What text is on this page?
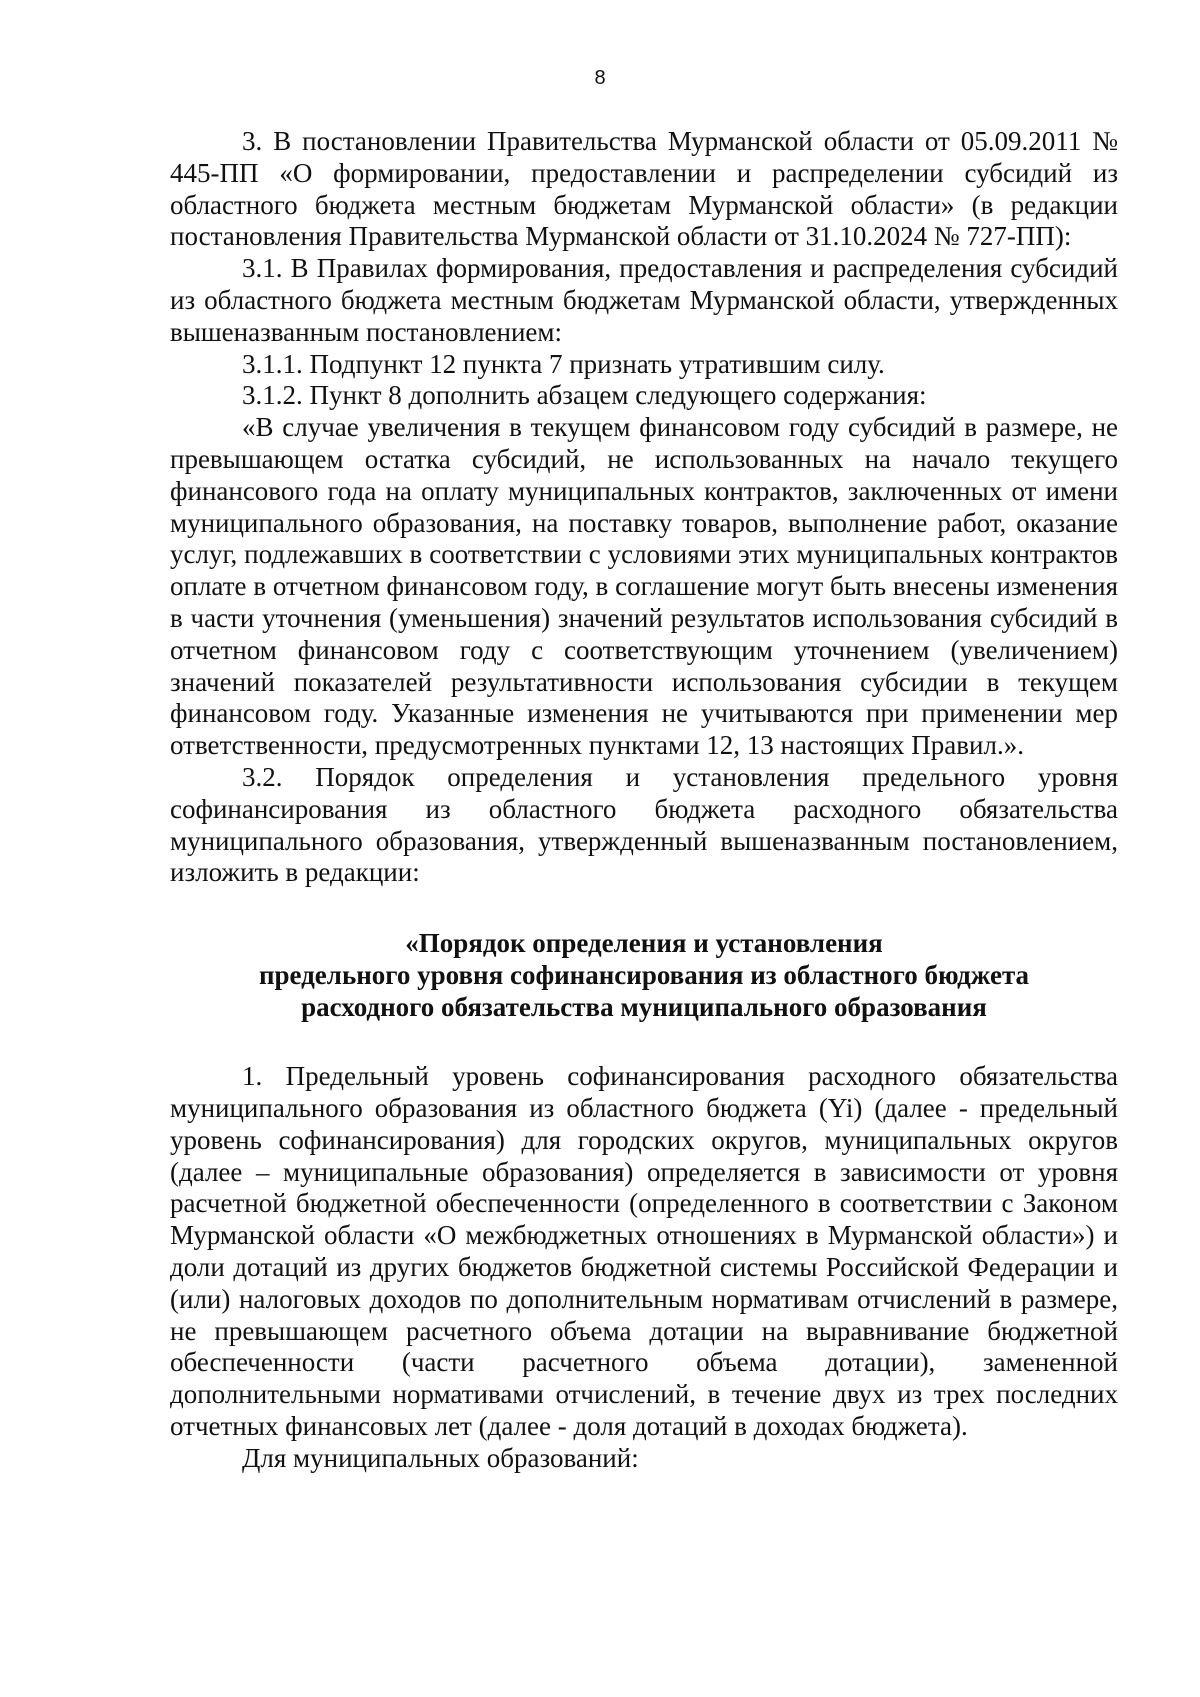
8

3. В постановлении Правительства Мурманской области от 05.09.2011 № 445-ПП «О формировании, предоставлении и распределении субсидий из областного бюджета местным бюджетам Мурманской области» (в редакции постановления Правительства Мурманской области от 31.10.2024 № 727-ПП):

3.1. В Правилах формирования, предоставления и распределения субсидий из областного бюджета местным бюджетам Мурманской области, утвержденных вышеназванным постановлением:

3.1.1. Подпункт 12 пункта 7 признать утратившим силу.

3.1.2. Пункт 8 дополнить абзацем следующего содержания:

«В случае увеличения в текущем финансовом году субсидий в размере, не превышающем остатка субсидий, не использованных на начало текущего финансового года на оплату муниципальных контрактов, заключенных от имени муниципального образования, на поставку товаров, выполнение работ, оказание услуг, подлежавших в соответствии с условиями этих муниципальных контрактов оплате в отчетном финансовом году, в соглашение могут быть внесены изменения в части уточнения (уменьшения) значений результатов использования субсидий в отчетном финансовом году с соответствующим уточнением (увеличением) значений показателей результативности использования субсидии в текущем финансовом году. Указанные изменения не учитываются при применении мер ответственности, предусмотренных пунктами 12, 13 настоящих Правил.».

3.2. Порядок определения и установления предельного уровня софинансирования из областного бюджета расходного обязательства муниципального образования, утвержденный вышеназванным постановлением, изложить в редакции:

«Порядок определения и установления
предельного уровня софинансирования из областного бюджета
расходного обязательства муниципального образования

1. Предельный уровень софинансирования расходного обязательства муниципального образования из областного бюджета (Yi) (далее - предельный уровень софинансирования) для городских округов, муниципальных округов (далее – муниципальные образования) определяется в зависимости от уровня расчетной бюджетной обеспеченности (определенного в соответствии с Законом Мурманской области «О межбюджетных отношениях в Мурманской области») и доли дотаций из других бюджетов бюджетной системы Российской Федерации и (или) налоговых доходов по дополнительным нормативам отчислений в размере, не превышающем расчетного объема дотации на выравнивание бюджетной обеспеченности (части расчетного объема дотации), замененной дополнительными нормативами отчислений, в течение двух из трех последних отчетных финансовых лет (далее - доля дотаций в доходах бюджета).

Для муниципальных образований:
